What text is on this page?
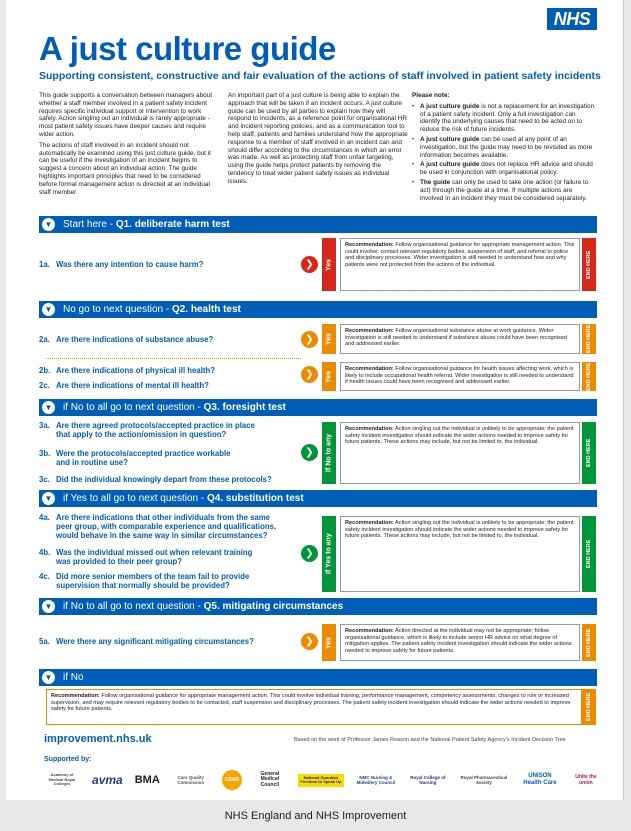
NHS
A just culture guide
Supporting consistent, constructive and fair evaluation of the actions of staff involved in patient safety incidents

This guide supports a conversation between managers about whether a staff member involved in a patient safety incident requires specific individual support or intervention to work safely. Action singling out an individual is rarely appropriate - most patient safety issues have deeper causes and require wider action.

The actions of staff involved in an incident should not automatically be examined using this just culture guide, but it can be useful if the investigation of an incident begins to suggest a concern about an individual action. The guide highlights important principles that need to be considered before formal management action is directed at an individual staff member.

An important part of a just culture is being able to explain the approach that will be taken if an incident occurs. A just culture guide can be used by all parties to explain how they will respond to incidents, as a reference point for organisational HR and incident reporting policies, and as a communication tool to help staff, patients and families understand how the appropriate response to a member of staff involved in an incident can and should differ according to the circumstances in which an error was made. As well as protecting staff from unfair targeting, using the guide helps protect patients by removing the tendency to treat wider patient safety issues as individual issues.

Please note:
• A just culture guide is not a replacement for an investigation of a patient safety incident. Only a full investigation can identify the underlying causes that need to be acted on to reduce the risk of future incidents.
• A just culture guide can be used at any point of an investigation, but the guide may need to be revisited as more information becomes available.
• A just culture guide does not replace HR advice and should be used in conjunction with organisational policy.
• The guide can only be used to take one action (or failure to act) through the guide at a time. If multiple actions are involved in an incident they must be considered separately.
▼ Start here - Q1. deliberate harm test
1a. Was there any intention to cause harm?	❯	Yes
Recommendation: Follow organisational guidance for appropriate management action. This could involve: contact relevant regulatory bodies, suspension of staff, and referral to police and disciplinary processes. Wider investigation is still needed to understand how and why patients were not protected from the actions of the individual.	END HERE
▼ No go to next question - Q2. health test
2a. Are there indications of substance abuse?	❯	Yes
Recommendation: Follow organisational substance abuse at work guidance. Wider investigation is still needed to understand if substance abuse could have been recognised and addressed earlier.	END HERE
2b. Are there indications of physical ill health?
2c. Are there indications of mental ill health?
❯	Yes
Recommendation: Follow organisational guidance for health issues affecting work, which is likely to include occupational health referral. Wider investigation is still needed to understand if health issues could have been recognised and addressed earlier.	END HERE
▼ if No to all go to next question - Q3. foresight test
3a. Are there agreed protocols/accepted practice in place
that apply to the action/omission in question?
3b. Were the protocols/accepted practice workable
and in routine use?
3c. Did the individual knowingly depart from these protocols?
❯	If No to any
Recommendation: Action singling out the individual is unlikely to be appropriate; the patient safety incident investigation should indicate the wider actions needed to improve safety for future patients. These actions may include, but not be limited to, the individual.	END HERE
▼ if Yes to all go to next question - Q4. substitution test
4a. Are there indications that other individuals from the same
peer group, with comparable experience and qualifications,
would behave in the same way in similar circumstances?
4b. Was the individual missed out when relevant training
was provided to their peer group?
4c. Did more senior members of the team fail to provide
supervision that normally should be provided?
❯	If Yes to any
Recommendation: Action singling out the individual is unlikely to be appropriate; the patient safety incident investigation should indicate the wider actions needed to improve safety for future patients. These actions may include, but not be limited to, the individual.
END HERE
▼ if No to all go to next question - Q5. mitigating circumstances
5a. Were there any significant mitigating circumstances?	❯	Yes
Recommendation: Action directed at the individual may not be appropriate; follow organisational guidance, which is likely to include senior HR advice on what degree of mitigation applies. The patient safety incident investigation should indicate the wider actions needed to improve safety for future patients.	END HERE
▼ if No
Recommendation: Follow organisational guidance for appropriate management action. This could involve individual training, performance management, competency assessments, changes to role or increased supervision, and may require relevant regulatory bodies to be contacted, staff suspension and disciplinary processes. The patient safety incident investigation should indicate the wider actions needed to improve safety for future patients.	END HERE
improvement.nhs.uk	Based on the work of Professor James Reason and the National Patient Safety Agency's Incident Decision Tree
Supported by:
Academy of Medical Royal Colleges	avma BMA	Care Quality Commission	CSMS
General Medical Council
National Guardian Freedom to Speak Up
NMC Nursing & Midwifery Council
Royal College of Nursing
Royal Pharmaceutical Society
UNISON Health Care
Unite the union
NHS England and NHS Improvement
